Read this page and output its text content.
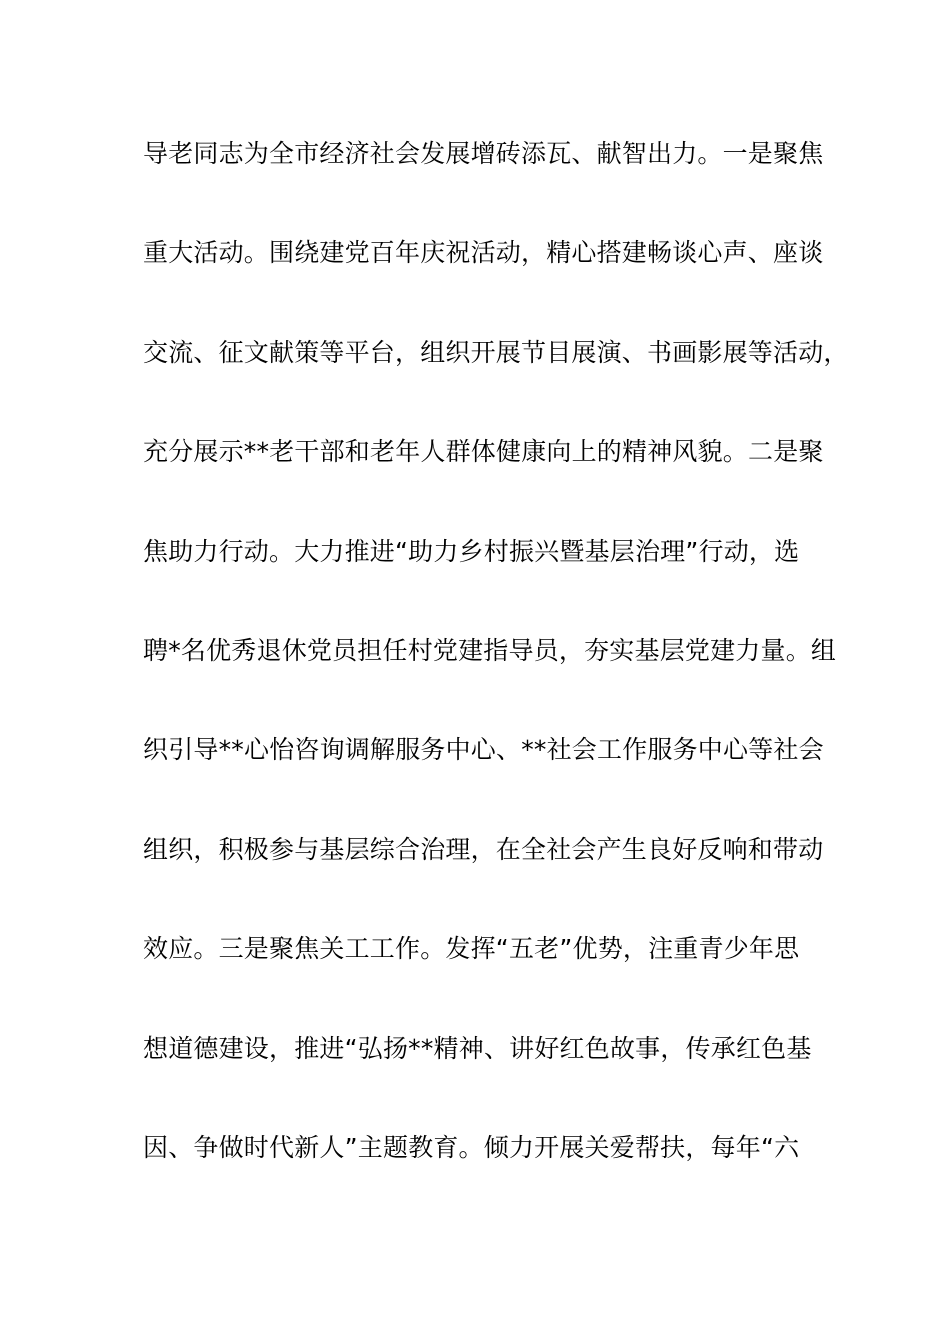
导老同志为全市经济社会发展增砖添瓦、献智出力。一是聚焦
重大活动。围绕建党百年庆祝活动，精心搭建畅谈心声、座谈
交流、征文献策等平台，组织开展节目展演、书画影展等活动，
充分展示**老干部和老年人群体健康向上的精神风貌。二是聚
焦助力行动。大力推进“助力乡村振兴暨基层治理”行动，选
聘*名优秀退休党员担任村党建指导员，夯实基层党建力量。组
织引导**心怡咨询调解服务中心、**社会工作服务中心等社会
组织，积极参与基层综合治理，在全社会产生良好反响和带动
效应。三是聚焦关工工作。发挥“五老”优势，注重青少年思
想道德建设，推进“弘扬**精神、讲好红色故事，传承红色基
因、争做时代新人”主题教育。倾力开展关爱帮扶，每年“六
